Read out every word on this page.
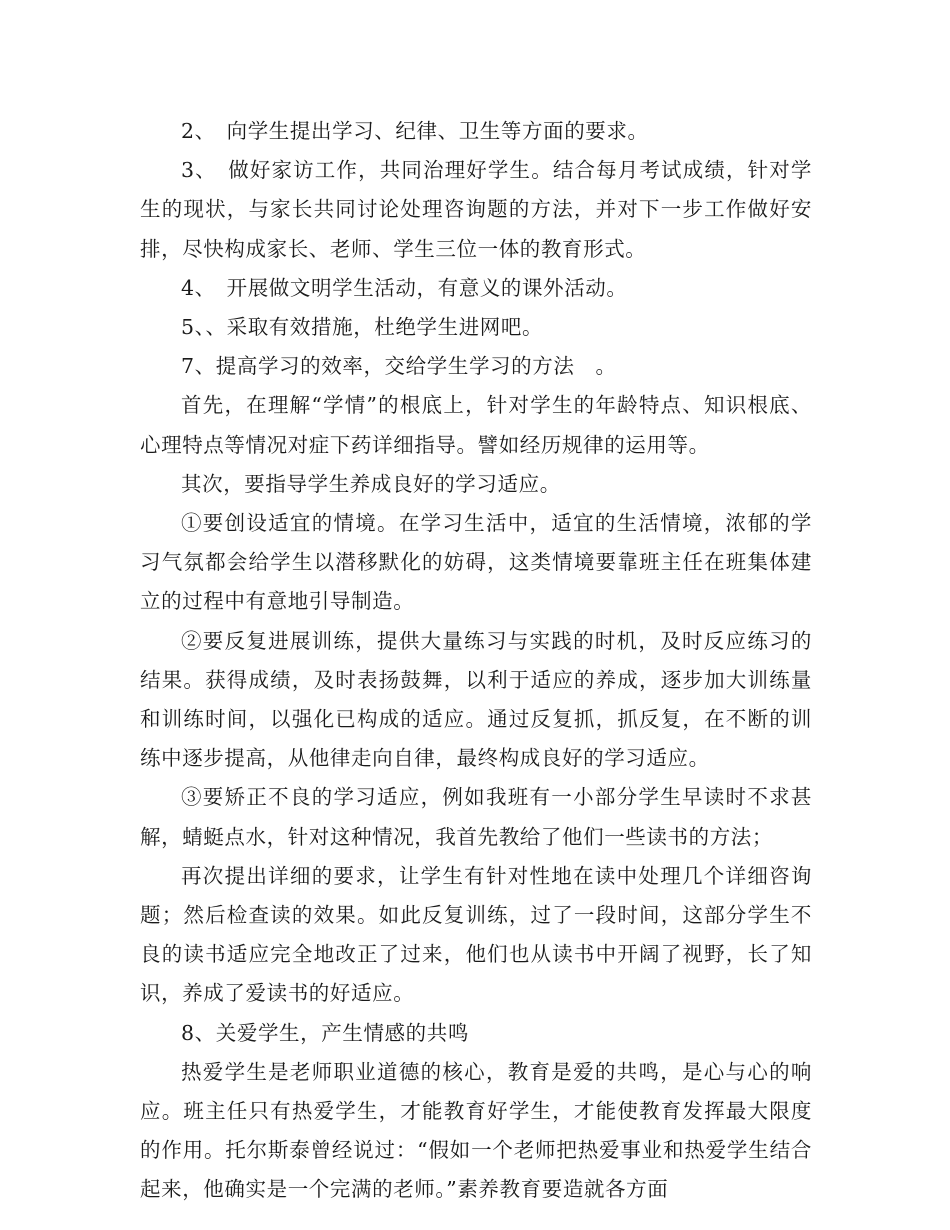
2、　向学生提出学习、纪律、卫生等方面的要求。

3、　做好家访工作，共同治理好学生。结合每月考试成绩，针对学生的现状，与家长共同讨论处理咨询题的方法，并对下一步工作做好安排，尽快构成家长、老师、学生三位一体的教育形式。

4、　开展做文明学生活动，有意义的课外活动。

5、、采取有效措施，杜绝学生进网吧。

7、提高学习的效率，交给学生学习的方法　。

首先，在理解“学情”的根底上，针对学生的年龄特点、知识根底、心理特点等情况对症下药详细指导。譬如经历规律的运用等。

其次，要指导学生养成良好的学习适应。

①要创设适宜的情境。在学习生活中，适宜的生活情境，浓郁的学习气氛都会给学生以潜移默化的妨碍，这类情境要靠班主任在班集体建立的过程中有意地引导制造。

②要反复进展训练，提供大量练习与实践的时机，及时反应练习的结果。获得成绩，及时表扬鼓舞，以利于适应的养成，逐步加大训练量和训练时间，以强化已构成的适应。通过反复抓，抓反复，在不断的训练中逐步提高，从他律走向自律，最终构成良好的学习适应。

③要矫正不良的学习适应，例如我班有一小部分学生早读时不求甚解，蜻蜓点水，针对这种情况，我首先教给了他们一些读书的方法；

再次提出详细的要求，让学生有针对性地在读中处理几个详细咨询题；然后检查读的效果。如此反复训练，过了一段时间，这部分学生不良的读书适应完全地改正了过来，他们也从读书中开阔了视野，长了知识，养成了爱读书的好适应。

8、关爱学生，产生情感的共鸣

热爱学生是老师职业道德的核心，教育是爱的共鸣，是心与心的响应。班主任只有热爱学生，才能教育好学生，才能使教育发挥最大限度的作用。托尔斯泰曾经说过：“假如一个老师把热爱事业和热爱学生结合起来，他确实是一个完满的老师。”素养教育要造就各方面
